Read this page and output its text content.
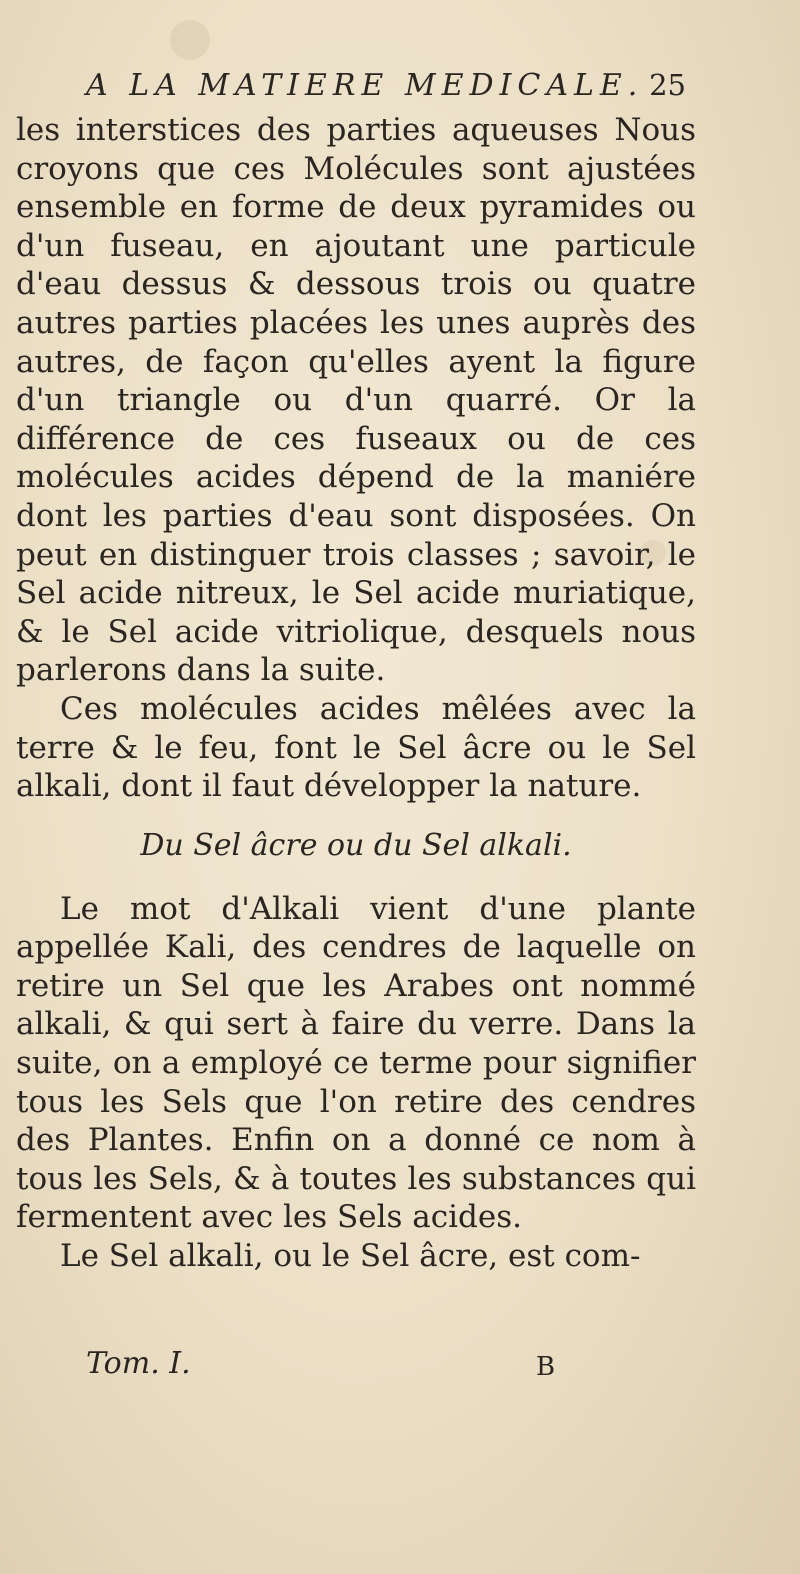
A LA MATIERE MEDICALE. 25

les interstices des parties aqueuses Nous croyons que ces Molécules sont ajustées ensemble en forme de deux pyramides ou d'un fuseau, en ajoutant une particule d'eau dessus & dessous trois ou quatre autres parties placées les unes auprès des autres, de façon qu'elles ayent la figure d'un triangle ou d'un quarré. Or la différence de ces fuseaux ou de ces molécules acides dépend de la maniére dont les parties d'eau sont disposées. On peut en distinguer trois classes ; savoir, le Sel acide nitreux, le Sel acide muriatique, & le Sel acide vitriolique, desquels nous parlerons dans la suite.

Ces molécules acides mêlées avec la terre & le feu, font le Sel âcre ou le Sel alkali, dont il faut développer la nature.

Du Sel âcre ou du Sel alkali.

Le mot d'Alkali vient d'une plante appellée Kali, des cendres de laquelle on retire un Sel que les Arabes ont nommé alkali, & qui sert à faire du verre. Dans la suite, on a employé ce terme pour signifier tous les Sels que l'on retire des cendres des Plantes. Enfin on a donné ce nom à tous les Sels, & à toutes les substances qui fermentent avec les Sels acides.

Le Sel alkali, ou le Sel âcre, est com-

Tom. I.	B
